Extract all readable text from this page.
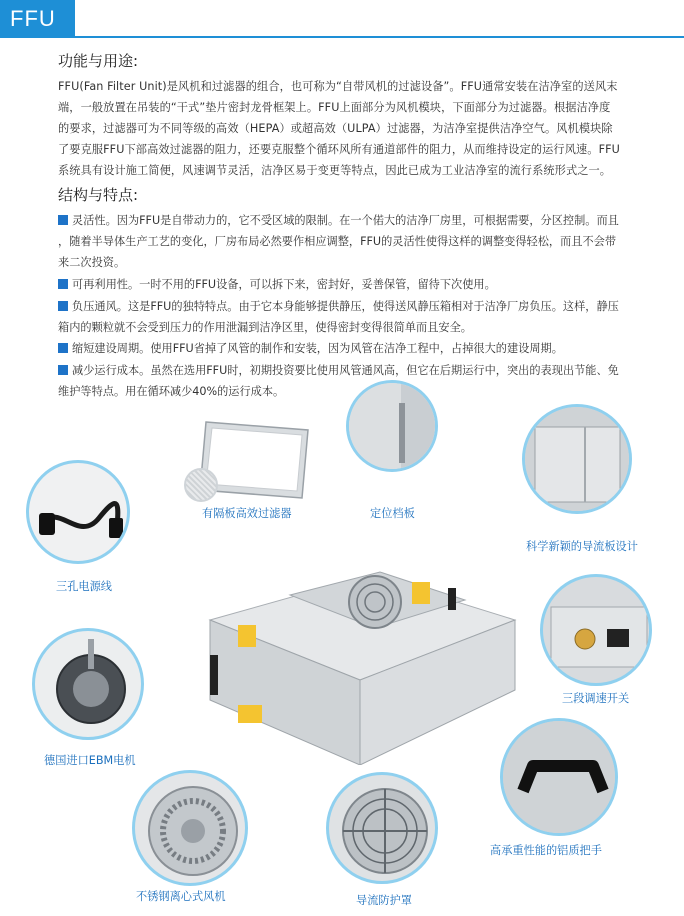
FFU
功能与用途:
FFU(Fan Filter Unit)是风机和过滤器的组合，也可称为“自带风机的过滤设备”。FFU通常安装在洁净室的送风末
端，一般放置在吊装的“干式”垫片密封龙骨框架上。FFU上面部分为风机模块，下面部分为过滤器。根据洁净度
的要求，过滤器可为不同等级的高效（HEPA）或超高效（ULPA）过滤器，为洁净室提供洁净空气。风机模块除
了要克服FFU下部高效过滤器的阻力，还要克服整个循环风所有通道部件的阻力，从而维持设定的运行风速。FFU
系统具有设计施工简便，风速调节灵活，洁净区易于变更等特点，因此已成为工业洁净室的流行系统形式之一。
结构与特点:
灵活性。因为FFU是自带动力的，它不受区域的限制。在一个偌大的洁净厂房里，可根据需要，分区控制。而且
，随着半导体生产工艺的变化，厂房布局必然要作相应调整，FFU的灵活性使得这样的调整变得轻松，而且不会带
来二次投资。
可再利用性。一时不用的FFU设备，可以拆下来，密封好，妥善保管，留待下次使用。
负压通风。这是FFU的独特特点。由于它本身能够提供静压，使得送风静压箱相对于洁净厂房负压。这样，静压
箱内的颗粒就不会受到压力的作用泄漏到洁净区里，使得密封变得很简单而且安全。
缩短建设周期。使用FFU省掉了风管的制作和安装，因为风管在洁净工程中，占掉很大的建设周期。
减少运行成本。虽然在选用FFU时，初期投资要比使用风管通风高，但它在后期运行中，突出的表现出节能、免
维护等特点。用在循环减少40%的运行成本。
有隔板高效过滤器	定位档板
科学新颖的导流板设计
三孔电源线
三段调速开关
德国进口EBM电机
高承重性能的铝质把手
不锈钢离心式风机	导流防护罩
